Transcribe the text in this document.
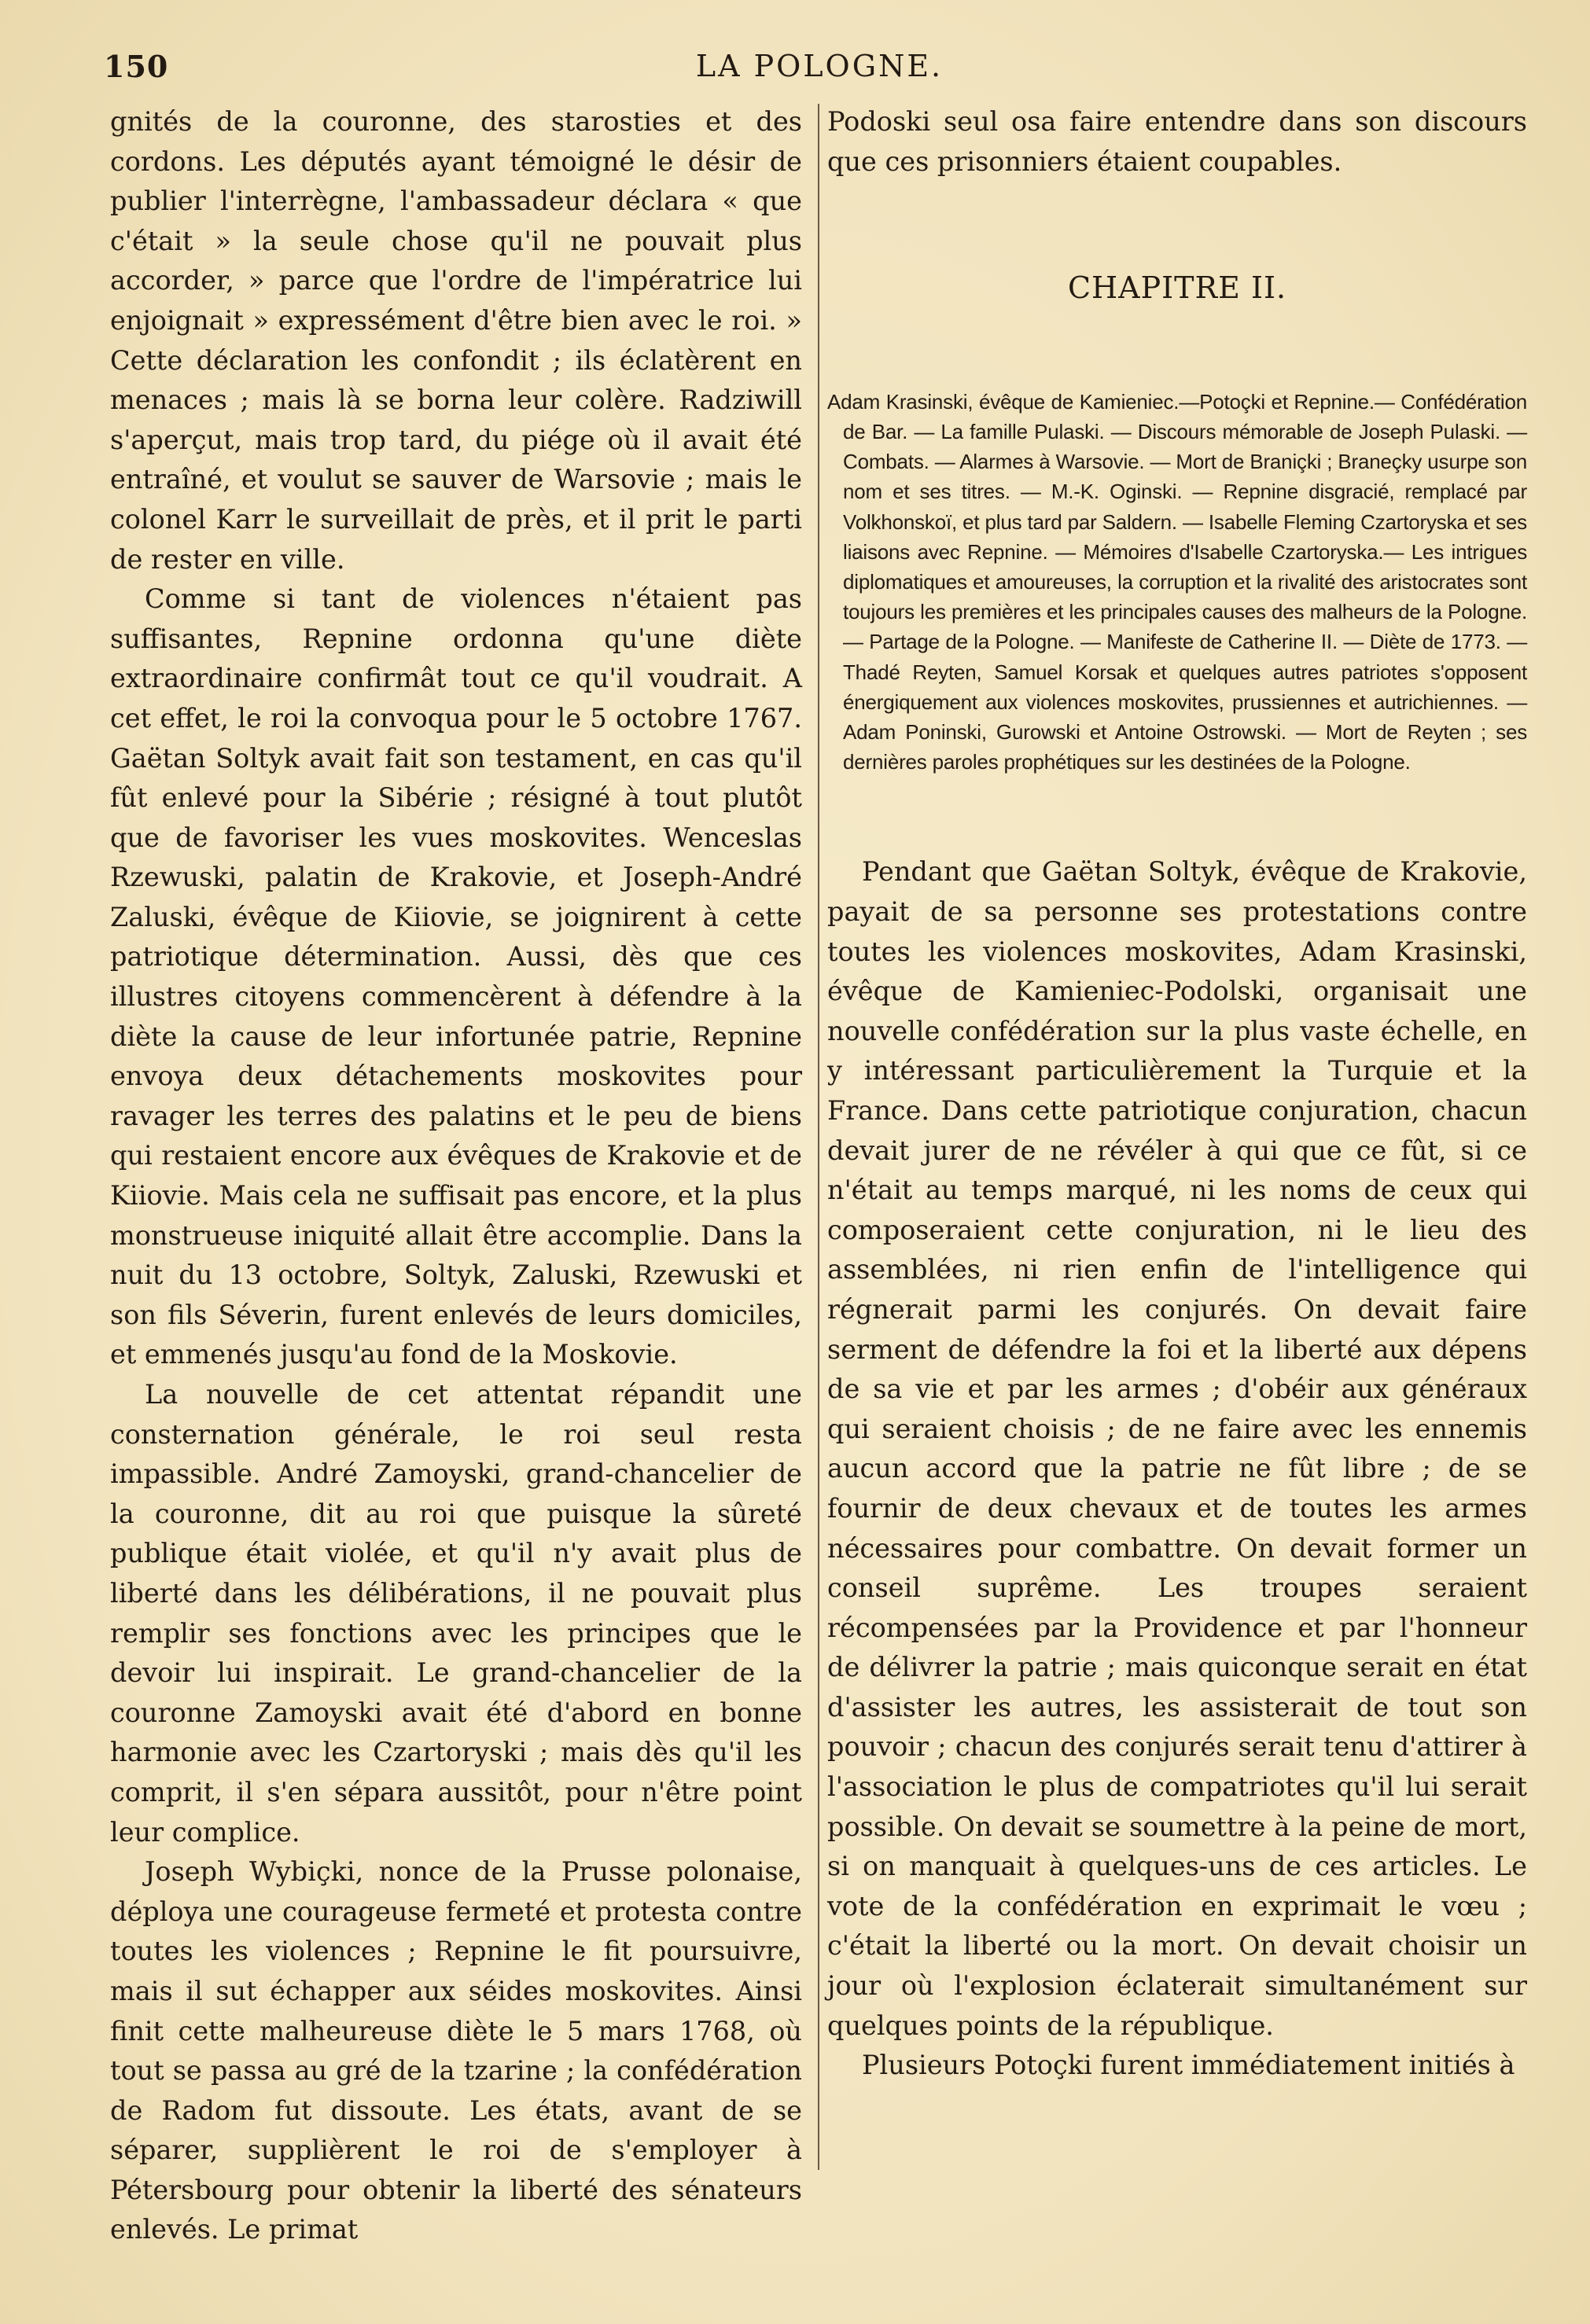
150	LA POLOGNE.

gnités de la couronne, des starosties et des cordons. Les députés ayant témoigné le désir de publier l'interrègne, l'ambassadeur déclara « que c'était » la seule chose qu'il ne pouvait plus accorder, » parce que l'ordre de l'impératrice lui enjoignait » expressément d'être bien avec le roi. » Cette déclaration les confondit ; ils éclatèrent en menaces ; mais là se borna leur colère. Radziwill s'aperçut, mais trop tard, du piége où il avait été entraîné, et voulut se sauver de Warsovie ; mais le colonel Karr le surveillait de près, et il prit le parti de rester en ville.

Comme si tant de violences n'étaient pas suffisantes, Repnine ordonna qu'une diète extraordinaire confirmât tout ce qu'il voudrait. A cet effet, le roi la convoqua pour le 5 octobre 1767. Gaëtan Soltyk avait fait son testament, en cas qu'il fût enlevé pour la Sibérie ; résigné à tout plutôt que de favoriser les vues moskovites. Wenceslas Rzewuski, palatin de Krakovie, et Joseph-André Zaluski, évêque de Kiiovie, se joignirent à cette patriotique détermination. Aussi, dès que ces illustres citoyens commencèrent à défendre à la diète la cause de leur infortunée patrie, Repnine envoya deux détachements moskovites pour ravager les terres des palatins et le peu de biens qui restaient encore aux évêques de Krakovie et de Kiiovie. Mais cela ne suffisait pas encore, et la plus monstrueuse iniquité allait être accomplie. Dans la nuit du 13 octobre, Soltyk, Zaluski, Rzewuski et son fils Séverin, furent enlevés de leurs domiciles, et emmenés jusqu'au fond de la Moskovie.

La nouvelle de cet attentat répandit une consternation générale, le roi seul resta impassible. André Zamoyski, grand-chancelier de la couronne, dit au roi que puisque la sûreté publique était violée, et qu'il n'y avait plus de liberté dans les délibérations, il ne pouvait plus remplir ses fonctions avec les principes que le devoir lui inspirait. Le grand-chancelier de la couronne Zamoyski avait été d'abord en bonne harmonie avec les Czartoryski ; mais dès qu'il les comprit, il s'en sépara aussitôt, pour n'être point leur complice.

Joseph Wybiçki, nonce de la Prusse polonaise, déploya une courageuse fermeté et protesta contre toutes les violences ; Repnine le fit poursuivre, mais il sut échapper aux séides moskovites. Ainsi finit cette malheureuse diète le 5 mars 1768, où tout se passa au gré de la tzarine ; la confédération de Radom fut dissoute. Les états, avant de se séparer, supplièrent le roi de s'employer à Pétersbourg pour obtenir la liberté des sénateurs enlevés. Le primat

Podoski seul osa faire entendre dans son discours que ces prisonniers étaient coupables.

CHAPITRE II.
Adam Krasinski, évêque de Kamieniec.—Potoçki et Repnine.— Confédération de Bar. — La famille Pulaski. — Discours mémorable de Joseph Pulaski. — Combats. — Alarmes à Warsovie. — Mort de Braniçki ; Braneçky usurpe son nom et ses titres. — M.-K. Oginski. — Repnine disgracié, remplacé par Volkhonskoï, et plus tard par Saldern. — Isabelle Fleming Czartoryska et ses liaisons avec Repnine. — Mémoires d'Isabelle Czartoryska.— Les intrigues diplomatiques et amoureuses, la corruption et la rivalité des aristocrates sont toujours les premières et les principales causes des malheurs de la Pologne. — Partage de la Pologne. — Manifeste de Catherine II. — Diète de 1773. — Thadé Reyten, Samuel Korsak et quelques autres patriotes s'opposent énergiquement aux violences moskovites, prussiennes et autrichiennes. — Adam Poninski, Gurowski et Antoine Ostrowski. — Mort de Reyten ; ses dernières paroles prophétiques sur les destinées de la Pologne.

Pendant que Gaëtan Soltyk, évêque de Krakovie, payait de sa personne ses protestations contre toutes les violences moskovites, Adam Krasinski, évêque de Kamieniec-Podolski, organisait une nouvelle confédération sur la plus vaste échelle, en y intéressant particulièrement la Turquie et la France. Dans cette patriotique conjuration, chacun devait jurer de ne révéler à qui que ce fût, si ce n'était au temps marqué, ni les noms de ceux qui composeraient cette conjuration, ni le lieu des assemblées, ni rien enfin de l'intelligence qui régnerait parmi les conjurés. On devait faire serment de défendre la foi et la liberté aux dépens de sa vie et par les armes ; d'obéir aux généraux qui seraient choisis ; de ne faire avec les ennemis aucun accord que la patrie ne fût libre ; de se fournir de deux chevaux et de toutes les armes nécessaires pour combattre. On devait former un conseil suprême. Les troupes seraient récompensées par la Providence et par l'honneur de délivrer la patrie ; mais quiconque serait en état d'assister les autres, les assisterait de tout son pouvoir ; chacun des conjurés serait tenu d'attirer à l'association le plus de compatriotes qu'il lui serait possible. On devait se soumettre à la peine de mort, si on manquait à quelques-uns de ces articles. Le vote de la confédération en exprimait le vœu ; c'était la liberté ou la mort. On devait choisir un jour où l'explosion éclaterait simultanément sur quelques points de la république.

Plusieurs Potoçki furent immédiatement initiés à
